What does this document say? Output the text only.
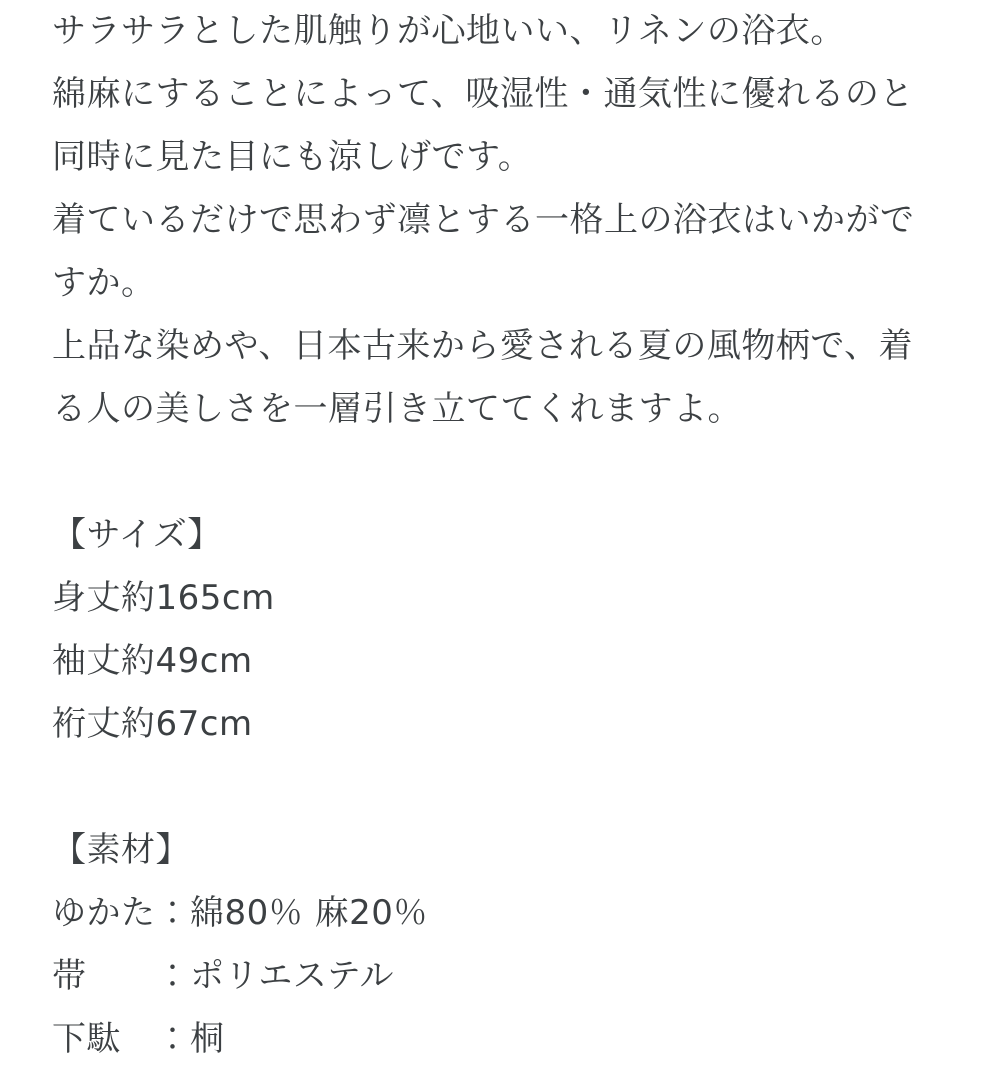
サラサラとした肌触りが心地いい、リネンの浴衣。
綿麻にすることによって、吸湿性・通気性に優れるのと
同時に見た目にも涼しげです。
着ているだけで思わず凛とする一格上の浴衣はいかがで
すか。
上品な染めや、日本古来から愛される夏の風物柄で、着
る人の美しさを一層引き立ててくれますよ。
【サイズ】
身丈約165cm
袖丈約49cm
裄丈約67cm
【素材】
ゆかた：綿80％ 麻20％
帯　　：ポリエステル
下駄　：桐
